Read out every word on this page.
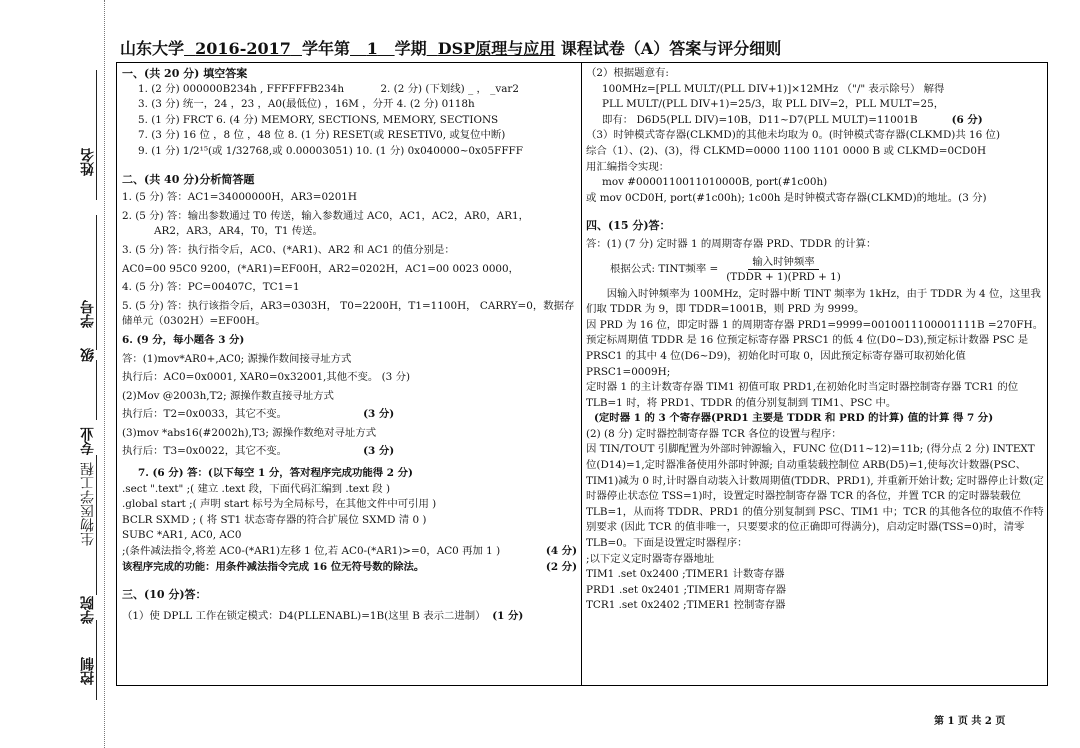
姓名
学号
级
专业
生物医学工程
学院
控制
山东大学 2016-2017 学年第 1 学期 DSP原理与应用 课程试卷（A）答案与评分细则

一、(共 20 分) 填空答案

1. (2 分) 000000B234h , FFFFFFB234h	2. (2 分) (下划线) _ ， _var2

3. (3 分) 统一，24 ，23 ，A0(最低位) ，16M ，分开 4. (2 分) 0118h

5. (1 分) FRCT 6. (4 分) MEMORY, SECTIONS, MEMORY, SECTIONS

7. (3 分) 16 位 ，8 位 ，48 位 8. (1 分) RESET(或 RESETIV0, 或复位中断)

9. (1 分) 1/2¹⁵(或 1/32768,或 0.00003051) 10. (1 分) 0x040000~0x05FFFF

二、(共 40 分)分析简答题

1. (5 分) 答：AC1=34000000H，AR3=0201H

2. (5 分) 答：输出参数通过 T0 传送，输入参数通过 AC0，AC1，AC2，AR0，AR1，

AR2，AR3，AR4，T0，T1 传送。

3. (5 分) 答：执行指令后，AC0、(*AR1)、AR2 和 AC1 的值分别是：

AC0=00 95C0 9200，(*AR1)=EF00H，AR2=0202H，AC1=00 0023 0000，

4. (5 分) 答：PC=00407C，TC1=1

5. (5 分) 答：执行该指令后，AR3=0303H， T0=2200H，T1=1100H， CARRY=0，数据存储单元（0302H）=EF00H。

6. (9 分，每小题各 3 分)

答：(1)mov*AR0+,AC0; 源操作数间接寻址方式

执行后：AC0=0x0001, XAR0=0x32001,其他不变。 (3 分)

(2)Mov @2003h,T2; 源操作数直接寻址方式

执行后：T2=0x0033，其它不变。	(3 分)

(3)mov *abs16(#2002h),T3; 源操作数绝对寻址方式

执行后：T3=0x0022，其它不变。	(3 分)

7. (6 分) 答：(以下每空 1 分，答对程序完成功能得 2 分)

.sect ".text" ;( 建立 .text 段，下面代码汇编到 .text 段 )

.global start ;( 声明 start 标号为全局标号，在其他文件中可引用 )

BCLR SXMD ; ( 将 ST1 状态寄存器的符合扩展位 SXMD 清 0 )

SUBC *AR1, AC0, AC0

;(条件减法指令,将差 AC0-(*AR1)左移 1 位,若 AC0-(*AR1)>=0，AC0 再加 1 )	(4 分)

该程序完成的功能：用条件减法指令完成 16 位无符号数的除法。	(2 分)

三、(10 分)答：

（1）使 DPLL 工作在锁定模式：D4(PLLENABL)=1B(这里 B 表示二进制） (1 分)

（2）根据题意有:

100MHz=[PLL MULT/(PLL DIV+1)]×12MHz （"/" 表示除号） 解得

PLL MULT/(PLL DIV+1)=25/3，取 PLL DIV=2，PLL MULT=25，

即有： D6D5(PLL DIV)=10B，D11~D7(PLL MULT)=11001B	(6 分)

（3）时钟模式寄存器(CLKMD)的其他未均取为 0。(时钟模式寄存器(CLKMD)共 16 位)

综合（1）、(2)、(3)，得 CLKMD=0000 1100 1101 0000 B 或 CLKMD=0CD0H

用汇编指令实现：

mov #0000110011010000B, port(#1c00h)

或 mov 0CD0H, port(#1c00h); 1c00h 是时钟模式寄存器(CLKMD)的地址。(3 分)

四、(15 分)答：

答：(1) (7 分) 定时器 1 的周期寄存器 PRD、TDDR 的计算：

根据公式: TINT频率 = $\frac{\text{输入时钟频率}}{\text{(TDDR + 1)(PRD + 1)}}$

因输入时钟频率为 100MHz，定时器中断 TINT 频率为 1kHz，由于 TDDR 为 4 位，这里我们取 TDDR 为 9，即 TDDR=1001B，则 PRD 为 9999。

因 PRD 为 16 位，即定时器 1 的周期寄存器 PRD1=9999=0010011100001111B =270FH。预定标周期值 TDDR 是 16 位预定标寄存器 PRSC1 的低 4 位(D0~D3),预定标计数器 PSC 是 PRSC1 的其中 4 位(D6~D9)，初始化时可取 0，因此预定标寄存器可取初始化值 PRSC1=0009H;

定时器 1 的主计数寄存器 TIM1 初值可取 PRD1,在初始化时当定时器控制寄存器 TCR1 的位 TLB=1 时，将 PRD1、TDDR 的值分别复制到 TIM1、PSC 中。

(定时器 1 的 3 个寄存器(PRD1 主要是 TDDR 和 PRD 的计算) 值的计算 得 7 分)

(2) (8 分) 定时器控制寄存器 TCR 各位的设置与程序：

因 TIN/TOUT 引脚配置为外部时钟源输入，FUNC 位(D11~12)=11b; (得分点 2 分) INTEXT 位(D14)=1,定时器准备使用外部时钟源; 自动重装载控制位 ARB(D5)=1,使每次计数器(PSC、TIM1)减为 0 时,计时器自动装入计数周期值(TDDR、PRD1), 并重新开始计数; 定时器停止计数(定时器停止状态位 TSS=1)时，设置定时器控制寄存器 TCR 的各位，并置 TCR 的定时器装载位 TLB=1，从而将 TDDR、PRD1 的值分别复制到 PSC、TIM1 中；TCR 的其他各位的取值不作特别要求 (因此 TCR 的值非唯一，只要要求的位正确即可得满分)，启动定时器(TSS=0)时，清零 TLB=0。下面是设置定时器程序：

;以下定义定时器寄存器地址

TIM1 .set 0x2400 ;TIMER1 计数寄存器

PRD1 .set 0x2401 ;TIMER1 周期寄存器

TCR1 .set 0x2402 ;TIMER1 控制寄存器

第 1 页 共 2 页
